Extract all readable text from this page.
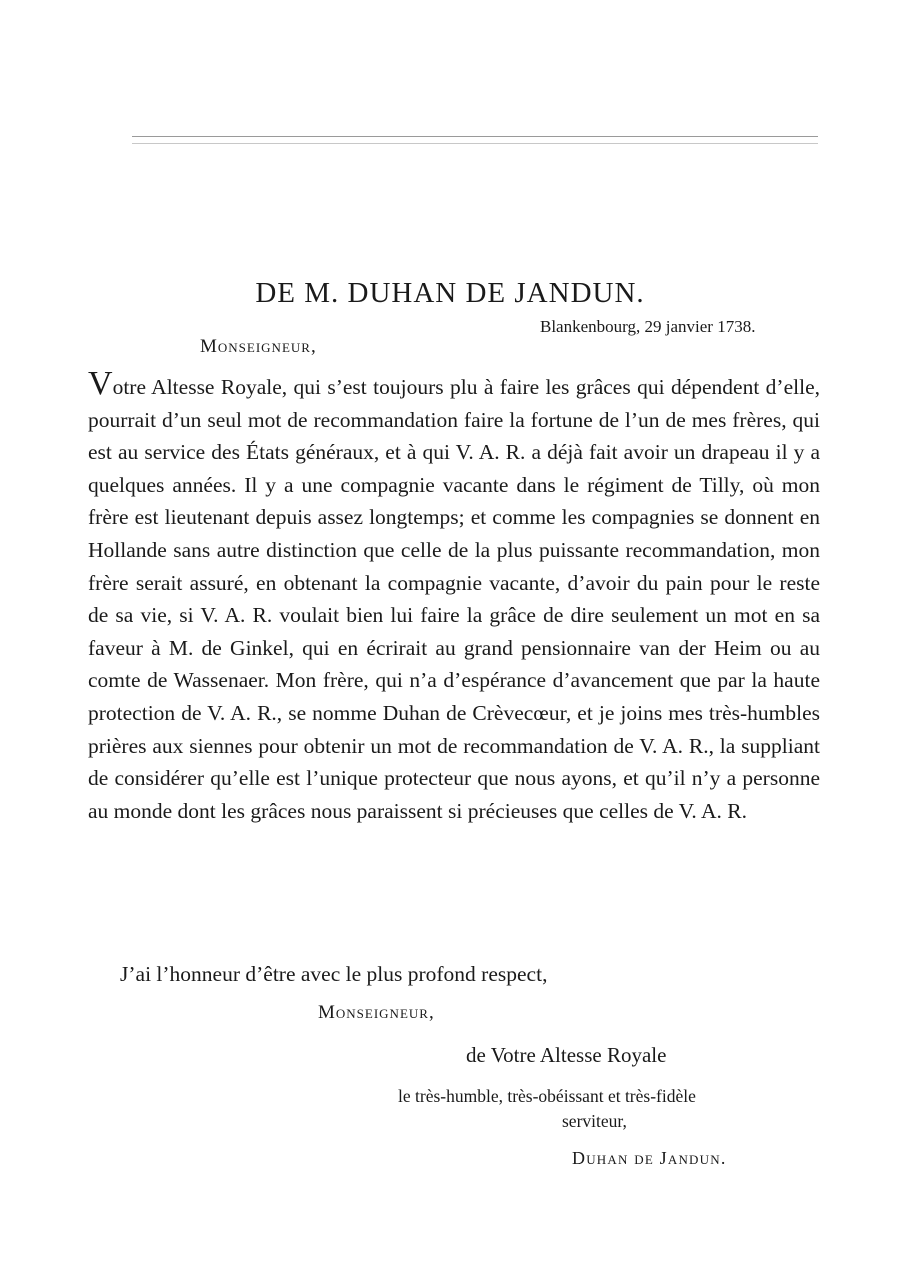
DE M. DUHAN DE JANDUN.
Blankenbourg, 29 janvier 1738.
Monseigneur,

Votre Altesse Royale, qui s’est toujours plu à faire les grâces qui dépendent d’elle, pourrait d’un seul mot de recommandation faire la fortune de l’un de mes frères, qui est au service des États généraux, et à qui V. A. R. a déjà fait avoir un drapeau il y a quelques années. Il y a une compagnie vacante dans le régiment de Tilly, où mon frère est lieutenant depuis assez longtemps; et comme les compagnies se donnent en Hollande sans autre distinction que celle de la plus puissante recommandation, mon frère serait assuré, en obtenant la compagnie vacante, d’avoir du pain pour le reste de sa vie, si V. A. R. voulait bien lui faire la grâce de dire seulement un mot en sa faveur à M. de Ginkel, qui en écrirait au grand pensionnaire van der Heim ou au comte de Wassenaer. Mon frère, qui n’a d’espérance d’avancement que par la haute protection de V. A. R., se nomme Duhan de Crèvecœur, et je joins mes très-humbles prières aux siennes pour obtenir un mot de recommandation de V. A. R., la suppliant de considérer qu’elle est l’unique protecteur que nous ayons, et qu’il n’y a personne au monde dont les grâces nous paraissent si précieuses que celles de V. A. R.

J’ai l’honneur d’être avec le plus profond respect,
Monseigneur,
de Votre Altesse Royale
le très-humble, très-obéissant et très-fidèle
serviteur,
Duhan de Jandun.
